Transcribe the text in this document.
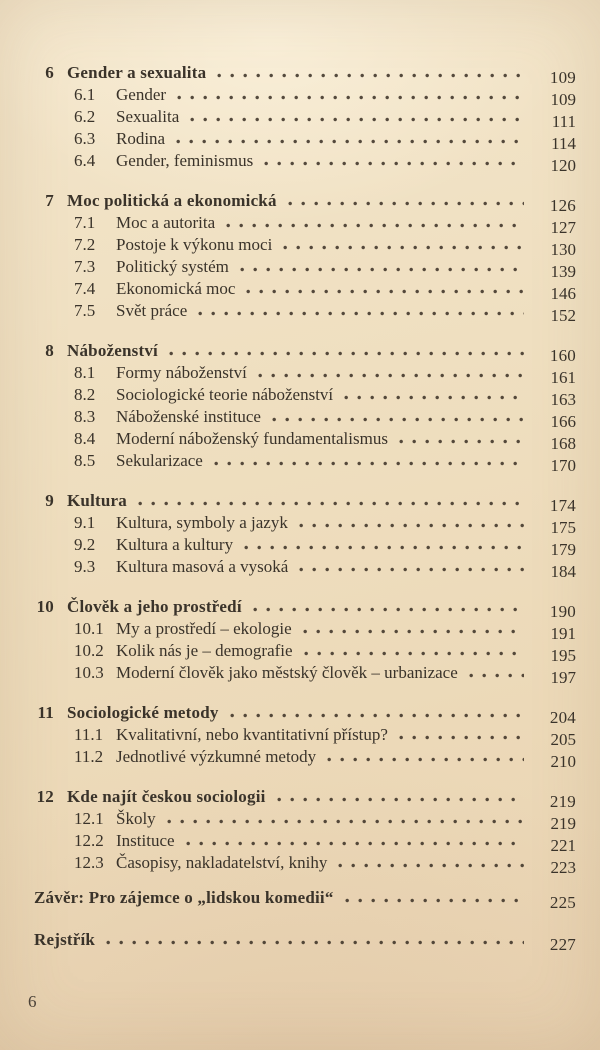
6 Gender a sexualita	109
6.1	Gender	109
6.2	Sexualita	111
6.3	Rodina	114
6.4	Gender, feminismus	120
7 Moc politická a ekonomická	126
7.1	Moc a autorita	127
7.2	Postoje k výkonu moci	130
7.3	Politický systém	139
7.4	Ekonomická moc	146
7.5	Svět práce	152
8 Náboženství	160
8.1	Formy náboženství	161
8.2	Sociologické teorie náboženství	163
8.3	Náboženské instituce	166
8.4	Moderní náboženský fundamentalismus	168
8.5	Sekularizace	170
9 Kultura	174
9.1	Kultura, symboly a jazyk	175
9.2	Kultura a kultury	179
9.3	Kultura masová a vysoká	184
10 Člověk a jeho prostředí	190
10.1 My a prostředí – ekologie	191
10.2 Kolik nás je – demografie	195
10.3 Moderní člověk jako městský člověk – urbanizace	197
11 Sociologické metody	204
11.1 Kvalitativní, nebo kvantitativní přístup?	205
11.2 Jednotlivé výzkumné metody	210
12 Kde najít českou sociologii	219
12.1 Školy	219
12.2 Instituce	221
12.3 Časopisy, nakladatelství, knihy	223
Závěr: Pro zájemce o „lidskou komedii“	225
Rejstřík	227
6
